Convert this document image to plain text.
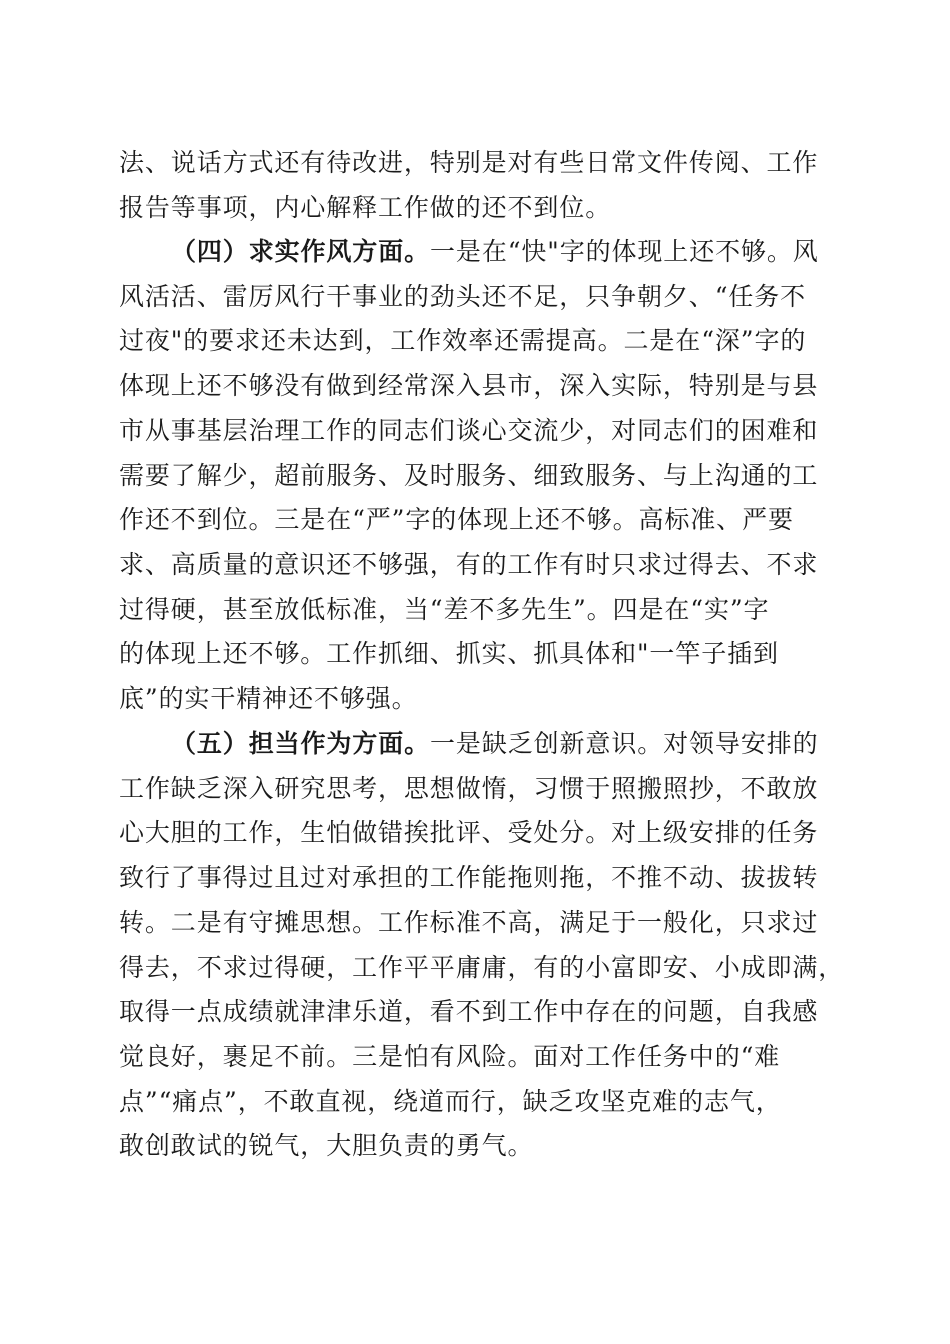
法、说话方式还有待改进，特别是对有些日常文件传阅、工作
报告等事项，内心解释工作做的还不到位。
（四）求实作风方面。一是在“快"字的体现上还不够。风
风活活、雷厉风行干事业的劲头还不足，只争朝夕、“任务不
过夜"的要求还未达到，工作效率还需提高。二是在“深”字的
体现上还不够没有做到经常深入县市，深入实际，特别是与县
市从事基层治理工作的同志们谈心交流少，对同志们的困难和
需要了解少，超前服务、及时服务、细致服务、与上沟通的工
作还不到位。三是在“严”字的体现上还不够。高标准、严要
求、高质量的意识还不够强，有的工作有时只求过得去、不求
过得硬，甚至放低标准，当“差不多先生”。四是在“实”字
的体现上还不够。工作抓细、抓实、抓具体和"一竿子插到
底”的实干精神还不够强。
（五）担当作为方面。一是缺乏创新意识。对领导安排的
工作缺乏深入研究思考，思想做惰，习惯于照搬照抄，不敢放
心大胆的工作，生怕做错挨批评、受处分。对上级安排的任务
致行了事得过且过对承担的工作能拖则拖，不推不动、拔拔转
转。二是有守摊思想。工作标准不高，满足于一般化，只求过
得去，不求过得硬，工作平平庸庸，有的小富即安、小成即满，
取得一点成绩就津津乐道，看不到工作中存在的问题，自我感
觉良好，裹足不前。三是怕有风险。面对工作任务中的“难
点”“痛点”，不敢直视，绕道而行，缺乏攻坚克难的志气，
敢创敢试的锐气，大胆负责的勇气。
